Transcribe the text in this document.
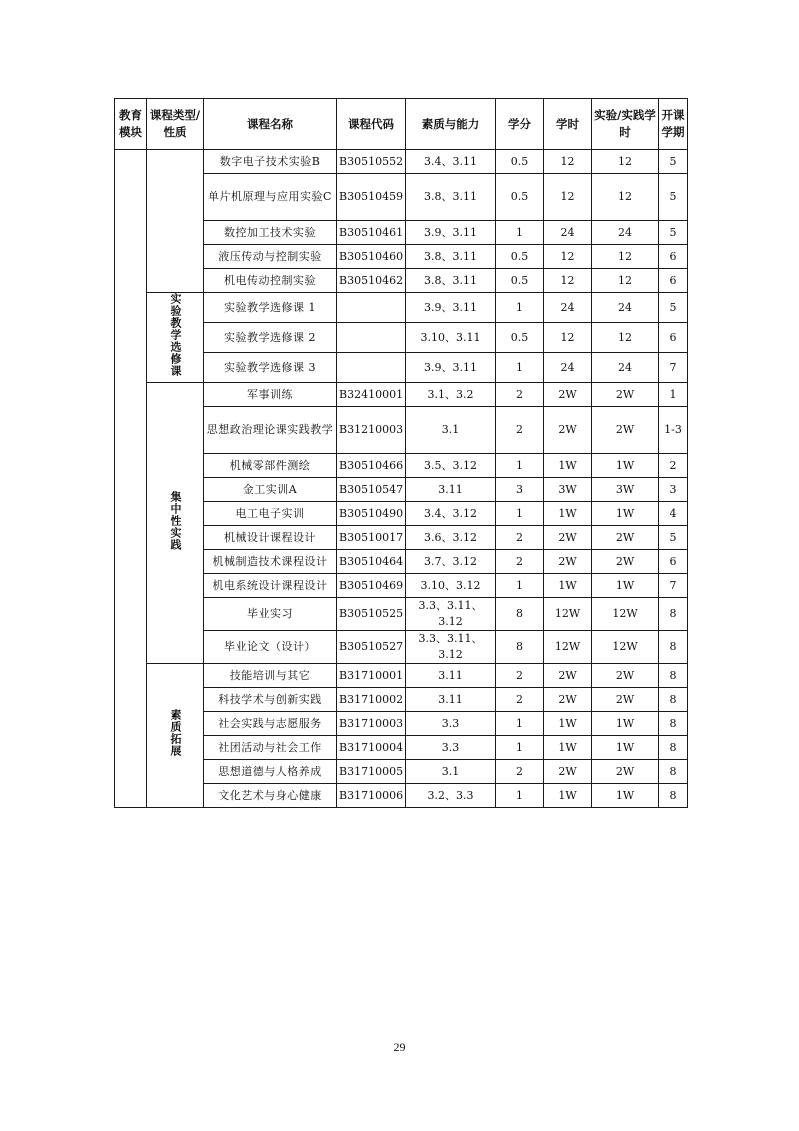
教育模块	课程类型/性质	课程名称	课程代码	素质与能力	学分	学时	实验/实践学时	开课学期
		数字电子技术实验B	B30510552	3.4、3.11	0.5	12	12	5
		单片机原理与应用实验C	B30510459	3.8、3.11	0.5	12	12	5
		数控加工技术实验	B30510461	3.9、3.11	1	24	24	5
		液压传动与控制实验	B30510460	3.8、3.11	0.5	12	12	6
		机电传动控制实验	B30510462	3.8、3.11	0.5	12	12	6
	实验教学选修课	实验教学选修课 1		3.9、3.11	1	24	24	5
		实验教学选修课 2		3.10、3.11	0.5	12	12	6
		实验教学选修课 3		3.9、3.11	1	24	24	7
	集中性实践	军事训练	B32410001	3.1、3.2	2	2W	2W	1
		思想政治理论课实践教学	B31210003	3.1	2	2W	2W	1-3
		机械零部件测绘	B30510466	3.5、3.12	1	1W	1W	2
		金工实训A	B30510547	3.11	3	3W	3W	3
		电工电子实训	B30510490	3.4、3.12	1	1W	1W	4
		机械设计课程设计	B30510017	3.6、3.12	2	2W	2W	5
		机械制造技术课程设计	B30510464	3.7、3.12	2	2W	2W	6
		机电系统设计课程设计	B30510469	3.10、3.12	1	1W	1W	7
		毕业实习	B30510525	3.3、3.11、3.12	8	12W	12W	8
		毕业论文（设计）	B30510527	3.3、3.11、3.12	8	12W	12W	8
	素质拓展	技能培训与其它	B31710001	3.11	2	2W	2W	8
		科技学术与创新实践	B31710002	3.11	2	2W	2W	8
		社会实践与志愿服务	B31710003	3.3	1	1W	1W	8
		社团活动与社会工作	B31710004	3.3	1	1W	1W	8
		思想道德与人格养成	B31710005	3.1	2	2W	2W	8
		文化艺术与身心健康	B31710006	3.2、3.3	1	1W	1W	8
29
